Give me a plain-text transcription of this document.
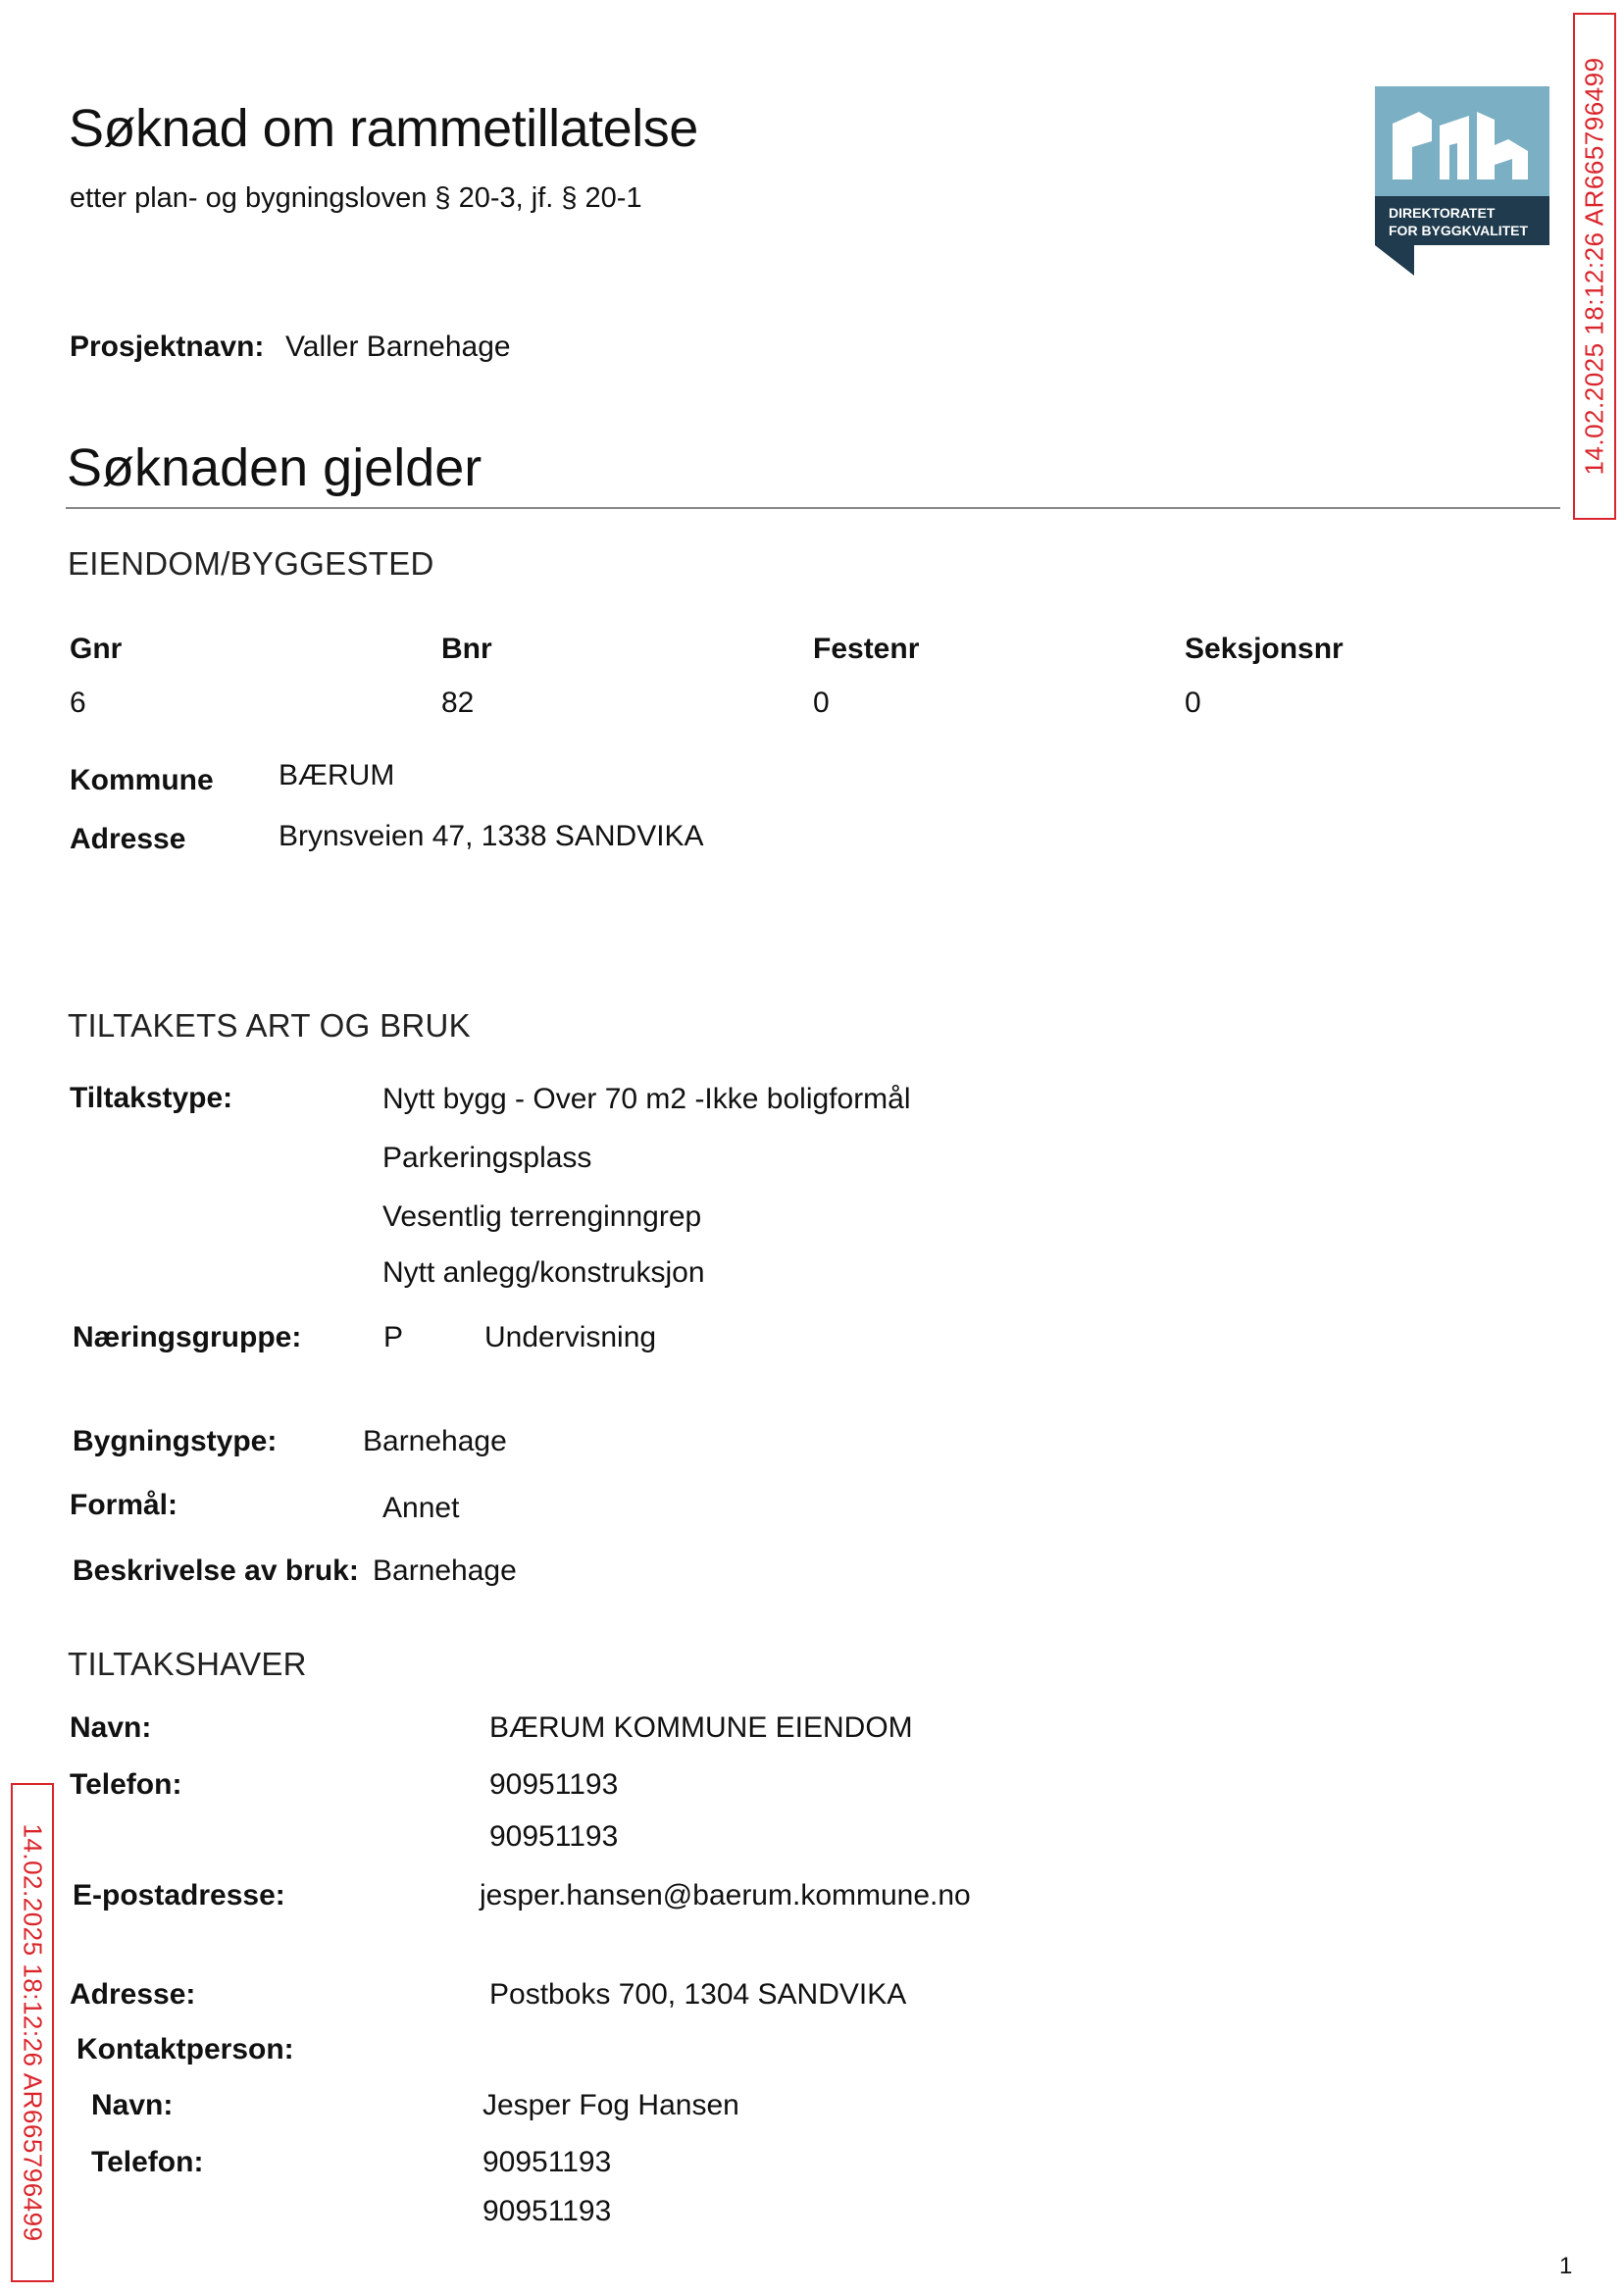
Søknad om rammetillatelse
etter plan- og bygningsloven § 20-3, jf. § 20-1	DIREKTORATET
FOR BYGGKVALITET 14.02.2025 18:12:26 AR665796499
14.02.2025 18:12:26 AR665796499
Prosjektnavn: Valler Barnehage
Søknaden gjelder
EIENDOM/BYGGESTED
Gnr	Bnr	Festenr	Seksjonsnr
6	82	0	0
Kommune BÆRUM
Adresse	Brynsveien 47, 1338 SANDVIKA
TILTAKETS ART OG BRUK
Tiltakstype:	Nytt bygg - Over 70 m2 -Ikke boligformål
Parkeringsplass
Vesentlig terrenginngrep
Nytt anlegg/konstruksjon
Næringsgruppe:	P	Undervisning
Bygningstype:	Barnehage
Formål:	Annet
Beskrivelse av bruk: Barnehage
TILTAKSHAVER
Navn:	BÆRUM KOMMUNE EIENDOM
Telefon:	90951193
90951193
E-postadresse:	jesper.hansen@baerum.kommune.no
Adresse:	Postboks 700, 1304 SANDVIKA
Kontaktperson:
Navn:	Jesper Fog Hansen
Telefon:	90951193
90951193
1
